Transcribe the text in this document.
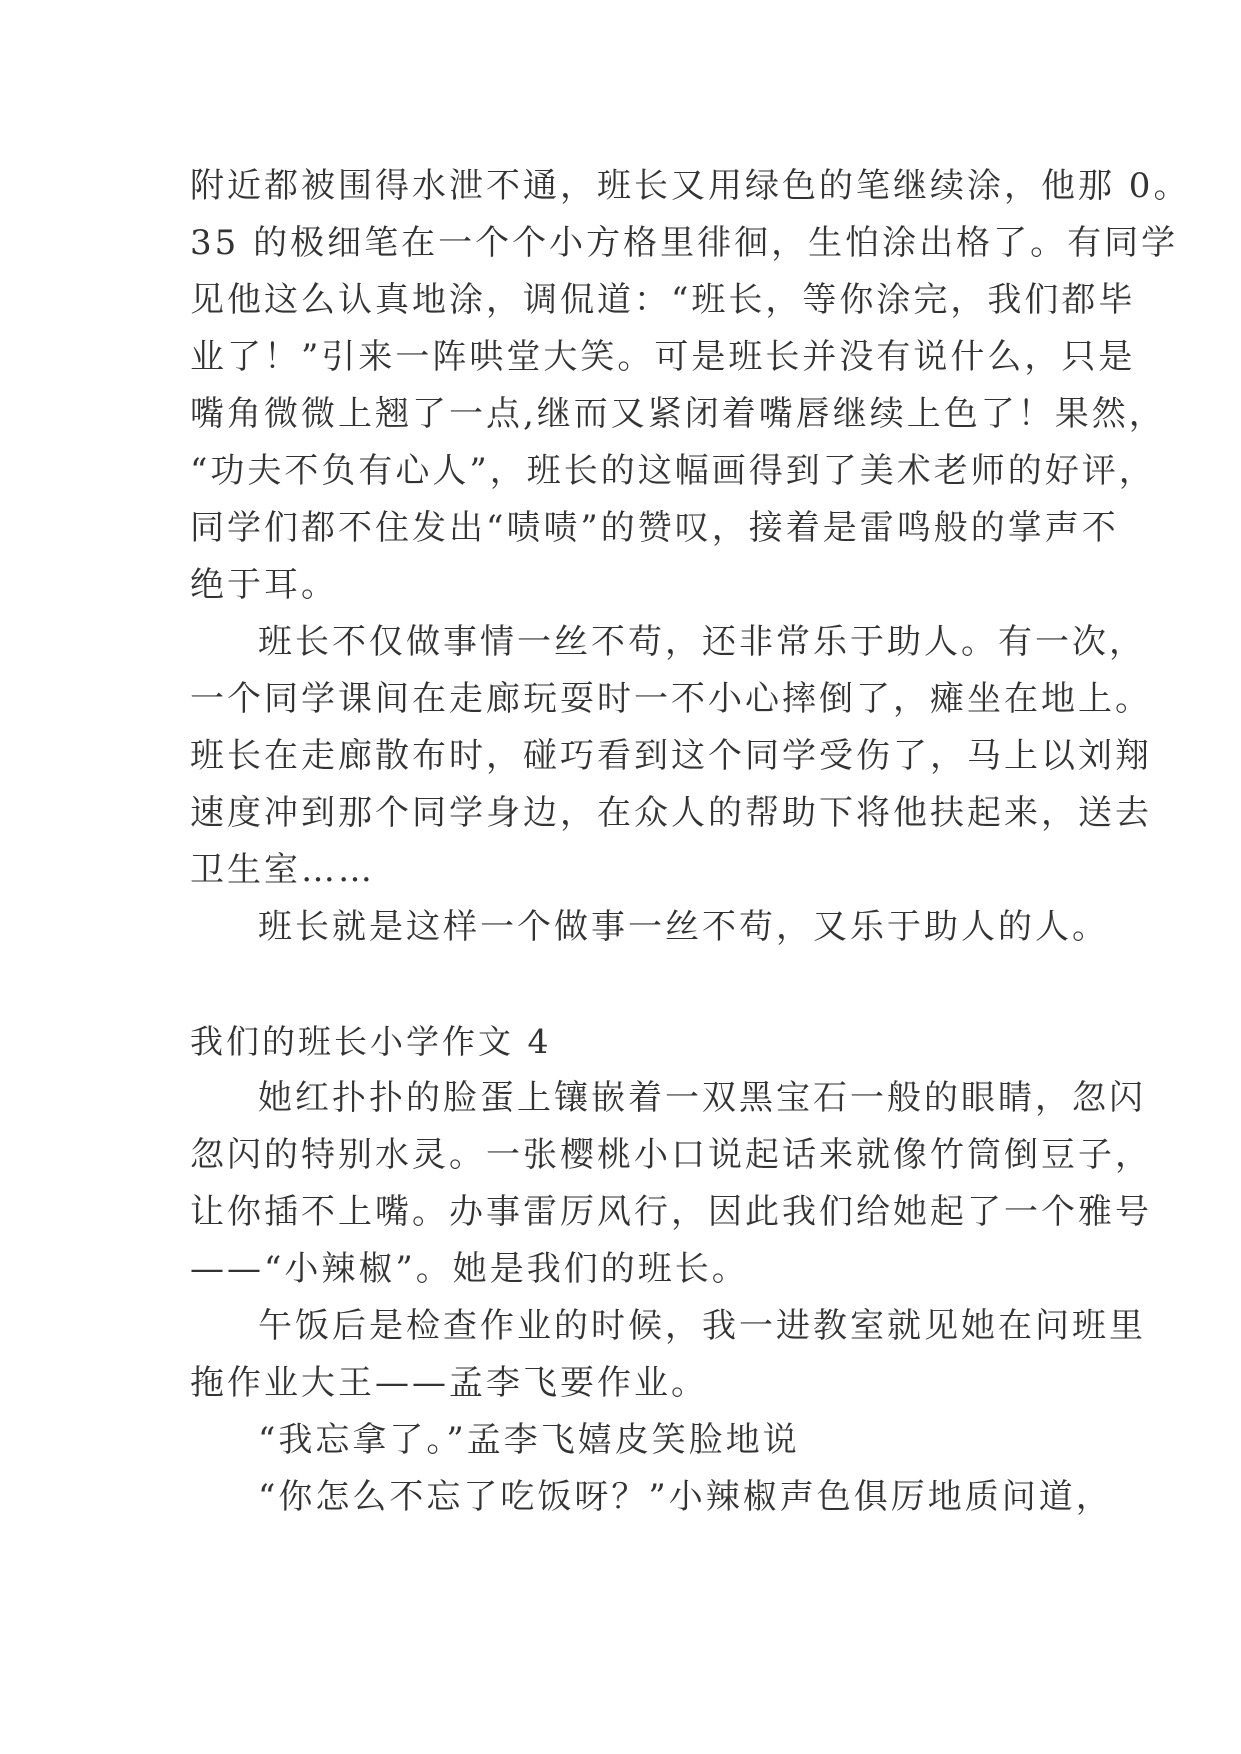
附近都被围得水泄不通，班长又用绿色的笔继续涂，他那 0。

35 的极细笔在一个个小方格里徘徊，生怕涂出格了。有同学

见他这么认真地涂，调侃道：“班长，等你涂完，我们都毕

业了！”引来一阵哄堂大笑。可是班长并没有说什么，只是

嘴角微微上翘了一点,继而又紧闭着嘴唇继续上色了！果然，

“功夫不负有心人”，班长的这幅画得到了美术老师的好评，

同学们都不住发出“啧啧”的赞叹，接着是雷鸣般的掌声不

绝于耳。

班长不仅做事情一丝不苟，还非常乐于助人。有一次，

一个同学课间在走廊玩耍时一不小心摔倒了，瘫坐在地上。

班长在走廊散布时，碰巧看到这个同学受伤了，马上以刘翔

速度冲到那个同学身边，在众人的帮助下将他扶起来，送去

卫生室……

班长就是这样一个做事一丝不苟，又乐于助人的人。

我们的班长小学作文 4

她红扑扑的脸蛋上镶嵌着一双黑宝石一般的眼睛，忽闪

忽闪的特别水灵。一张樱桃小口说起话来就像竹筒倒豆子，

让你插不上嘴。办事雷厉风行，因此我们给她起了一个雅号

——“小辣椒”。她是我们的班长。

午饭后是检查作业的时候，我一进教室就见她在问班里

拖作业大王——孟李飞要作业。

“我忘拿了。”孟李飞嬉皮笑脸地说

“你怎么不忘了吃饭呀？”小辣椒声色俱厉地质问道，
